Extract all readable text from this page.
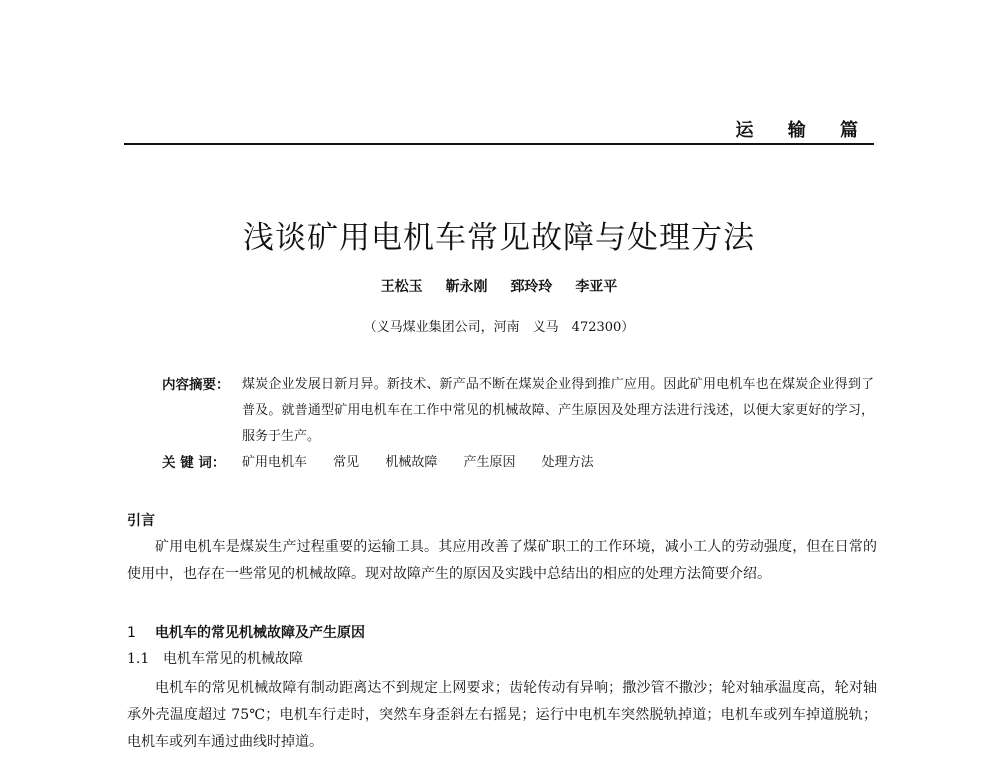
运 输 篇
浅谈矿用电机车常见故障与处理方法
王松玉 靳永刚 郅玲玲 李亚平
（义马煤业集团公司，河南　义马　472300）
内容摘要： 煤炭企业发展日新月异。新技术、新产品不断在煤炭企业得到推广应用。因此矿用电机车也在煤炭企业得到了普及。就普通型矿用电机车在工作中常见的机械故障、产生原因及处理方法进行浅述，以便大家更好的学习，服务于生产。
关 键 词：	矿用电机车 常见 机械故障 产生原因 处理方法
引言

矿用电机车是煤炭生产过程重要的运输工具。其应用改善了煤矿职工的工作环境，减小工人的劳动强度，但在日常的使用中，也存在一些常见的机械故障。现对故障产生的原因及实践中总结出的相应的处理方法简要介绍。

1 电机车的常见机械故障及产生原因
1.1 电机车常见的机械故障

电机车的常见机械故障有制动距离达不到规定上网要求；齿轮传动有异响；撒沙管不撒沙；轮对轴承温度高，轮对轴承外壳温度超过 75℃；电机车行走时，突然车身歪斜左右摇晃；运行中电机车突然脱轨掉道；电机车或列车掉道脱轨；电机车或列车通过曲线时掉道。
